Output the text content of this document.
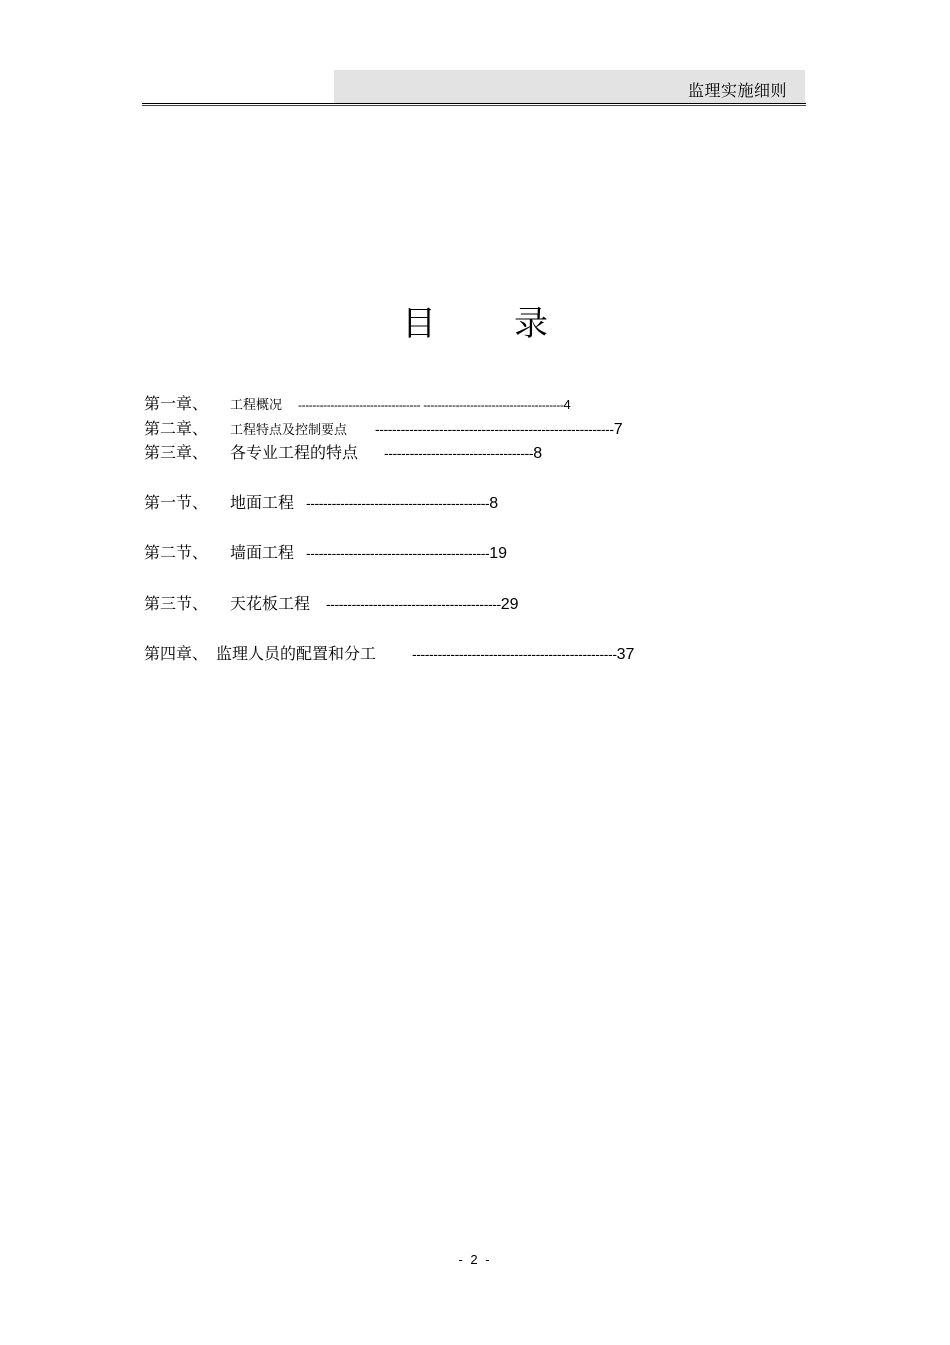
监理实施细则
目录
第一章、 工程概况 ---------------------------------- ---------------------------------------4
第二章、 工程特点及控制要点 --------------------------------------------------------7
第三章、 各专业工程的特点 -----------------------------------8
第一节、 地面工程 -------------------------------------------8
第二节、 墙面工程 -------------------------------------------19
第三节、 天花板工程 -----------------------------------------29
第四章、 监理人员的配置和分工	------------------------------------------------37
- 2 -
